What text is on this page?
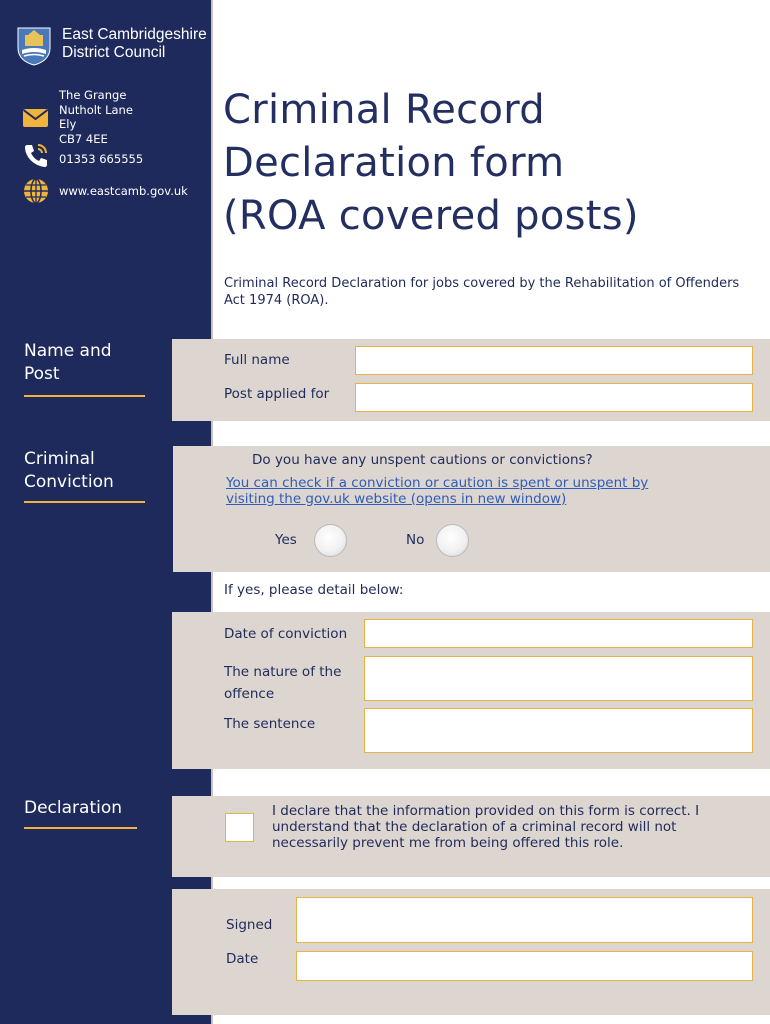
East Cambridgeshire
District Council
The Grange
Nutholt Lane
Ely
CB7 4EE
01353 665555
www.eastcamb.gov.uk
Name and
Post
Criminal
Conviction
Declaration
Criminal Record
Declaration form
(ROA covered posts)
Criminal Record Declaration for jobs covered by the Rehabilitation of Offenders Act 1974 (ROA).
Full name
Post applied for
Do you have any unspent cautions or convictions?
You can check if a conviction or caution is spent or unspent by visiting the gov.uk website (opens in new window)
Yes	No
If yes, please detail below:
Date of conviction
The nature of the
offence
The sentence
I declare that the information provided on this form is correct. I understand that the declaration of a criminal record will not necessarily prevent me from being offered this role.
Signed
Date
